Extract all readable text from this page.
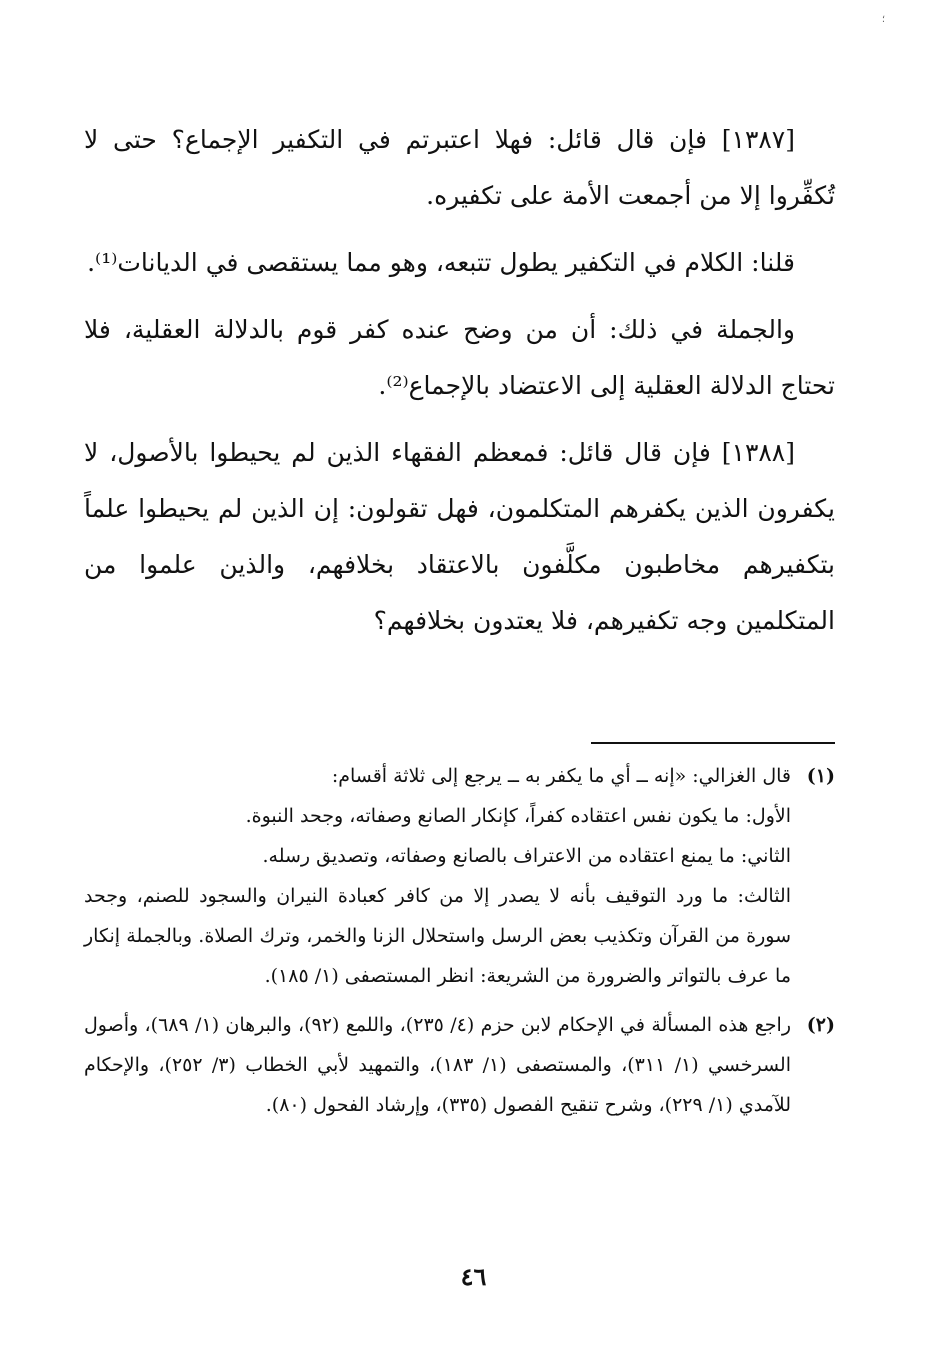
؛

[١٣٨٧] فإن قال قائل: فهلا اعتبرتم في التكفير الإجماع؟ حتى لا تُكفِّروا إلا من أجمعت الأمة على تكفيره.

قلنا: الكلام في التكفير يطول تتبعه، وهو مما يستقصى في الديانات⁽¹⁾.

والجملة في ذلك: أن من وضح عنده كفر قوم بالدلالة العقلية، فلا تحتاج الدلالة العقلية إلى الاعتضاد بالإجماع⁽²⁾.

[١٣٨٨] فإن قال قائل: فمعظم الفقهاء الذين لم يحيطوا بالأصول، لا يكفرون الذين يكفرهم المتكلمون، فهل تقولون: إن الذين لم يحيطوا علماً بتكفيرهم مخاطبون مكلَّفون بالاعتقاد بخلافهم، والذين علموا من المتكلمين وجه تكفيرهم، فلا يعتدون بخلافهم؟

(١)

قال الغزالي: «إنه ــ أي ما يكفر به ــ يرجع إلى ثلاثة أقسام:

الأول: ما يكون نفس اعتقاده كفراً، كإنكار الصانع وصفاته، وجحد النبوة.

الثاني: ما يمنع اعتقاده من الاعتراف بالصانع وصفاته، وتصديق رسله.

الثالث: ما ورد التوقيف بأنه لا يصدر إلا من كافر كعبادة النيران والسجود للصنم، وجحد سورة من القرآن وتكذيب بعض الرسل واستحلال الزنا والخمر، وترك الصلاة. وبالجملة إنكار ما عرف بالتواتر والضرورة من الشريعة: انظر المستصفى (١/ ١٨٥).

(٢)

راجع هذه المسألة في الإحكام لابن حزم (٤/ ٢٣٥)، واللمع (٩٢)، والبرهان (١/ ٦٨٩)، وأصول السرخسي (١/ ٣١١)، والمستصفى (١/ ١٨٣)، والتمهيد لأبي الخطاب (٣/ ٢٥٢)، والإحكام للآمدي (١/ ٢٢٩)، وشرح تنقيح الفصول (٣٣٥)، وإرشاد الفحول (٨٠).

٤٦
